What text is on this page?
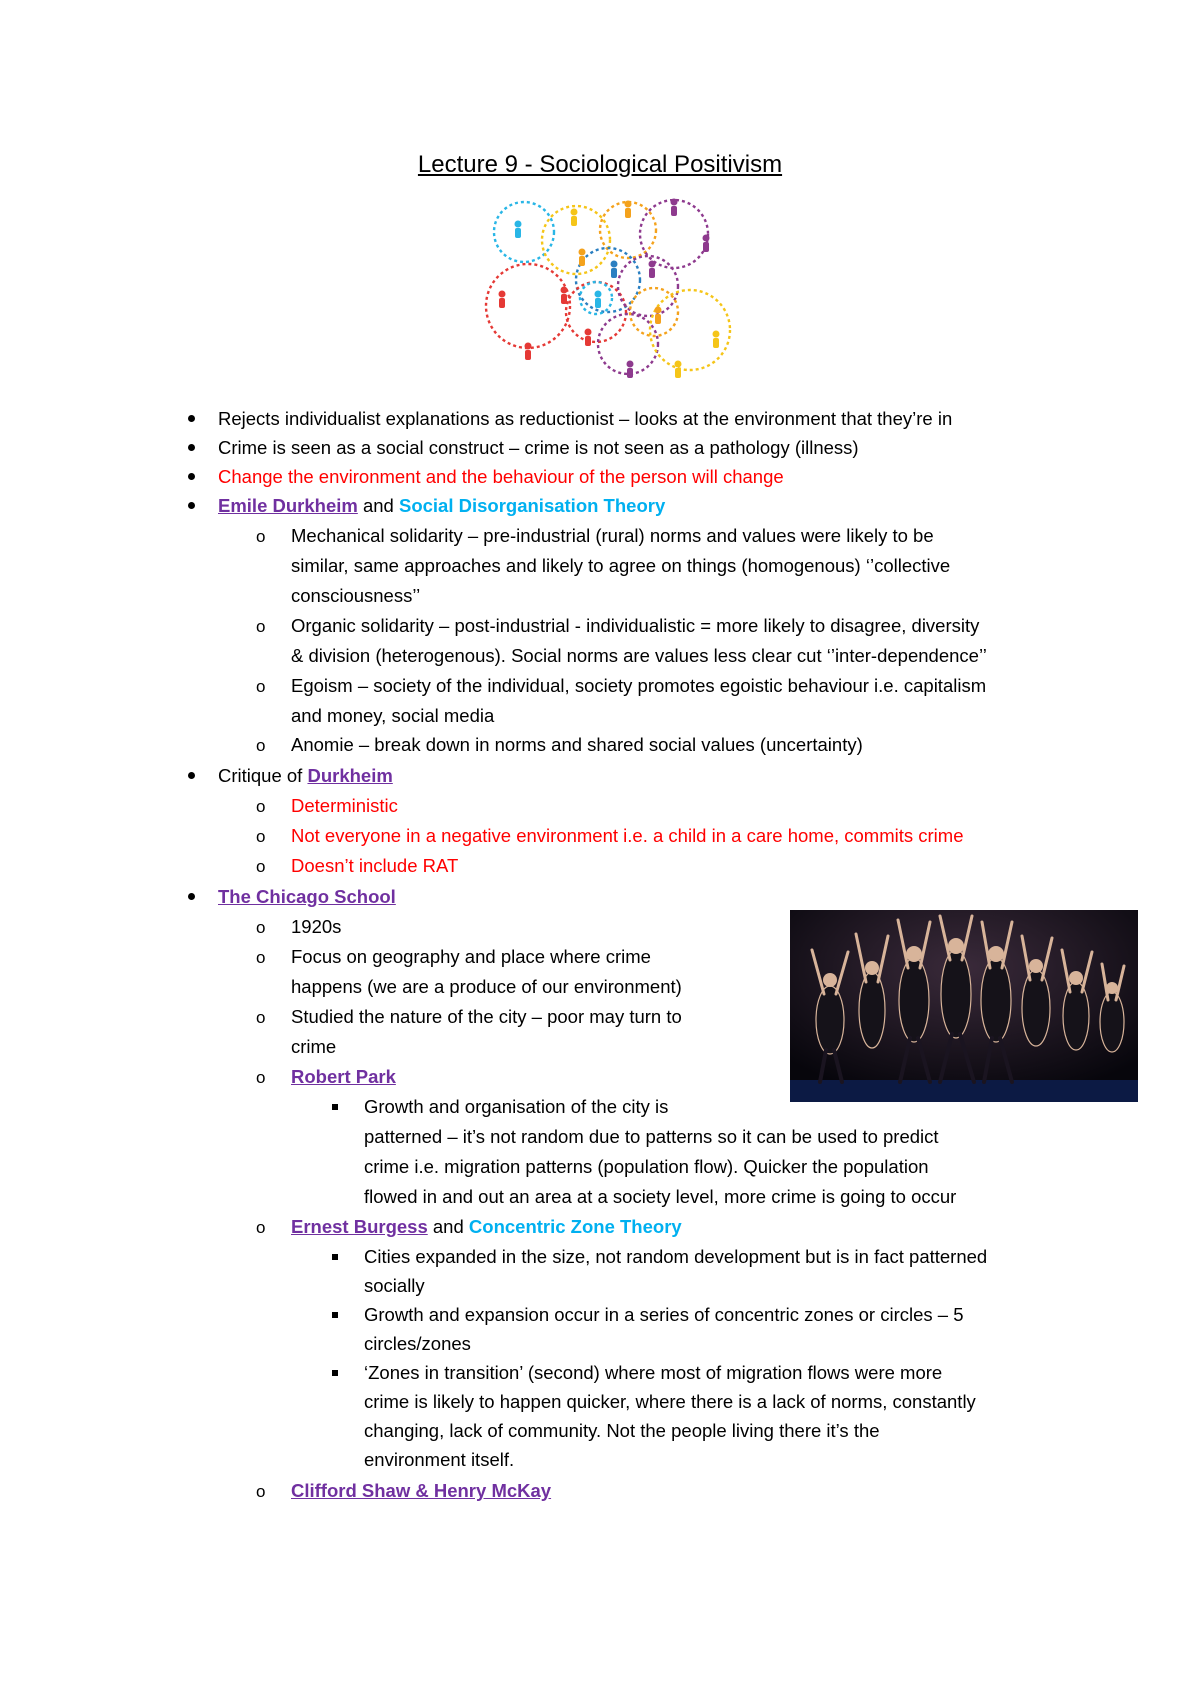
Lecture 9 - Sociological Positivism
Rejects individualist explanations as reductionist – looks at the environment that they’re in
Crime is seen as a social construct – crime is not seen as a pathology (illness)
Change the environment and the behaviour of the person will change
Emile Durkheim and Social Disorganisation Theory
o Mechanical solidarity – pre-industrial (rural) norms and values were likely to be
similar, same approaches and likely to agree on things (homogenous) ‘’collective
consciousness’’
o Organic solidarity – post-industrial - individualistic = more likely to disagree, diversity
& division (heterogenous). Social norms are values less clear cut ‘’inter-dependence’’
o Egoism – society of the individual, society promotes egoistic behaviour i.e. capitalism
and money, social media
o Anomie – break down in norms and shared social values (uncertainty)
Critique of Durkheim
o Deterministic
o Not everyone in a negative environment i.e. a child in a care home, commits crime
o Doesn’t include RAT
The Chicago School
o 1920s
o Focus on geography and place where crime
happens (we are a produce of our environment)
o Studied the nature of the city – poor may turn to
crime
o Robert Park
Growth and organisation of the city is
patterned – it’s not random due to patterns so it can be used to predict
crime i.e. migration patterns (population flow). Quicker the population
flowed in and out an area at a society level, more crime is going to occur
o Ernest Burgess and Concentric Zone Theory
Cities expanded in the size, not random development but is in fact patterned
socially
Growth and expansion occur in a series of concentric zones or circles – 5
circles/zones
‘Zones in transition’ (second) where most of migration flows were more
crime is likely to happen quicker, where there is a lack of norms, constantly
changing, lack of community. Not the people living there it’s the
environment itself.
o Clifford Shaw & Henry McKay
